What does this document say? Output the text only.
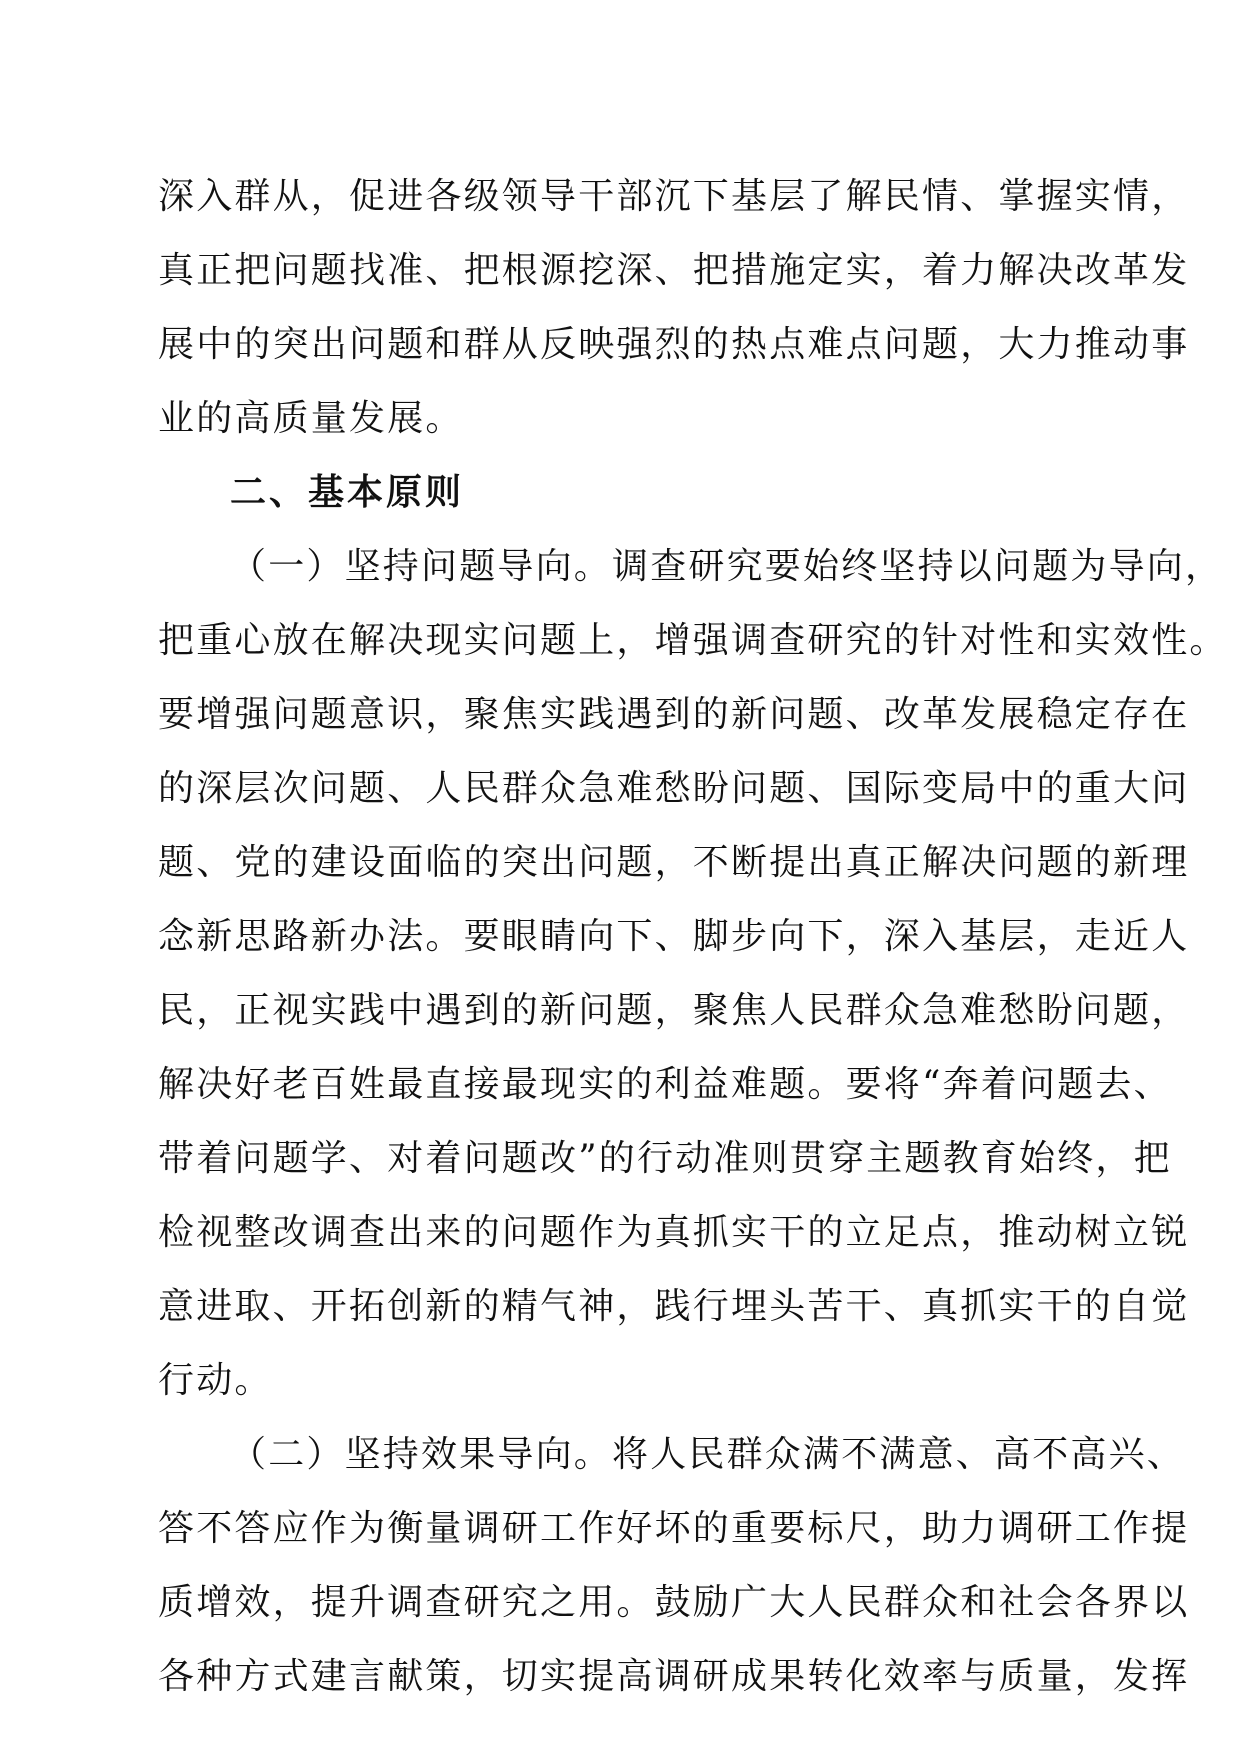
深入群从，促进各级领导干部沉下基层了解民情、掌握实情，
真正把问题找准、把根源挖深、把措施定实，着力解决改革发
展中的突出问题和群从反映强烈的热点难点问题，大力推动事
业的高质量发展。
二、基本原则
（一）坚持问题导向。调查研究要始终坚持以问题为导向，
把重心放在解决现实问题上，增强调查研究的针对性和实效性。
要增强问题意识，聚焦实践遇到的新问题、改革发展稳定存在
的深层次问题、人民群众急难愁盼问题、国际变局中的重大问
题、党的建设面临的突出问题，不断提出真正解决问题的新理
念新思路新办法。要眼睛向下、脚步向下，深入基层，走近人
民，正视实践中遇到的新问题，聚焦人民群众急难愁盼问题，
解决好老百姓最直接最现实的利益难题。要将“奔着问题去、
带着问题学、对着问题改”的行动准则贯穿主题教育始终，把
检视整改调查出来的问题作为真抓实干的立足点，推动树立锐
意进取、开拓创新的精气神，践行埋头苦干、真抓实干的自觉
行动。
（二）坚持效果导向。将人民群众满不满意、高不高兴、
答不答应作为衡量调研工作好坏的重要标尺，助力调研工作提
质增效，提升调查研究之用。鼓励广大人民群众和社会各界以
各种方式建言献策，切实提高调研成果转化效率与质量，发挥
